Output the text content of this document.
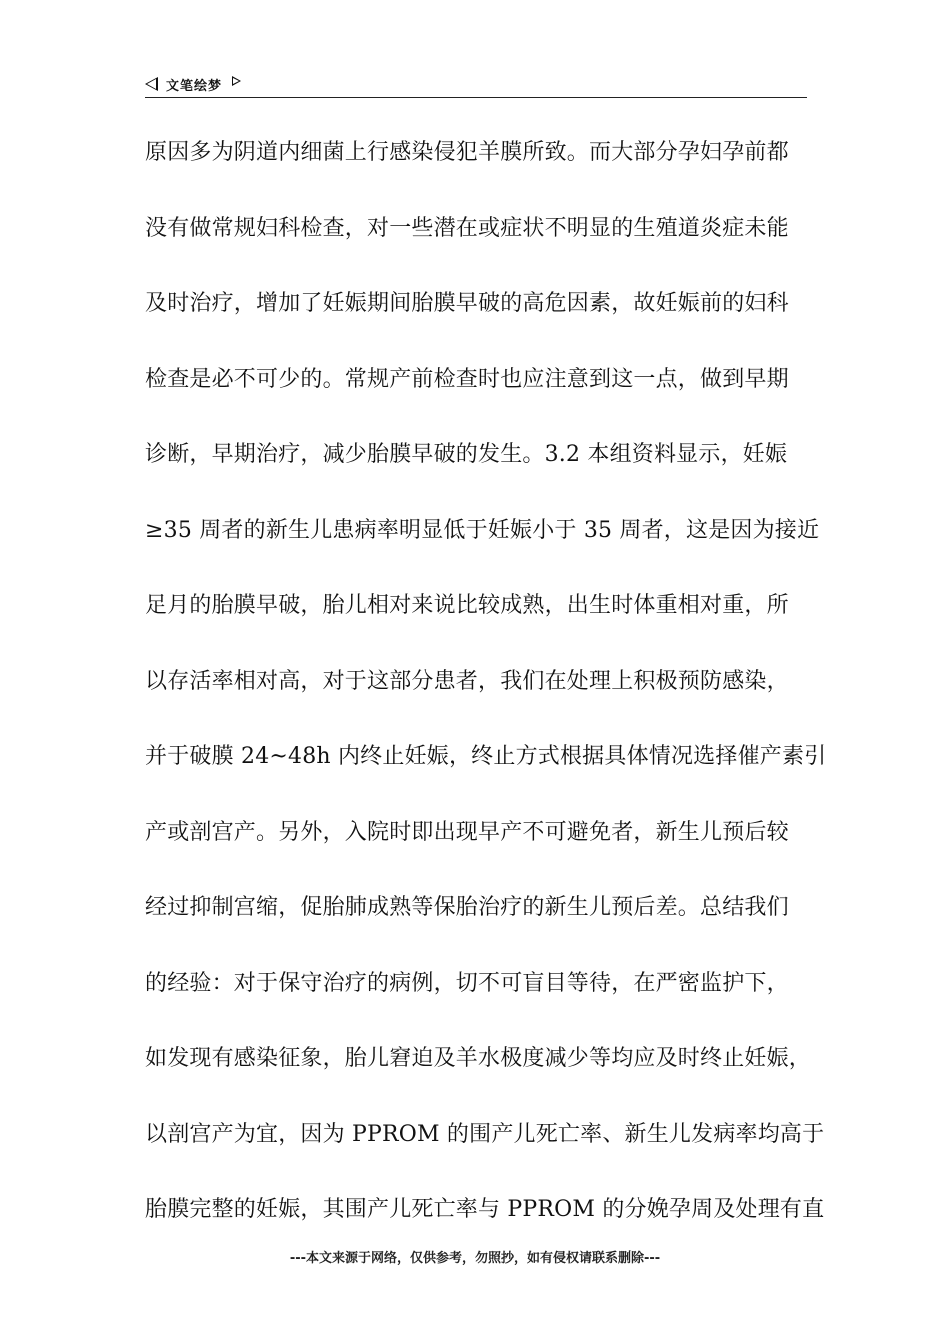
文笔绘梦
原因多为阴道内细菌上行感染侵犯羊膜所致。而大部分孕妇孕前都
没有做常规妇科检查，对一些潜在或症状不明显的生殖道炎症未能
及时治疗，增加了妊娠期间胎膜早破的高危因素，故妊娠前的妇科
检查是必不可少的。常规产前检查时也应注意到这一点，做到早期
诊断，早期治疗，减少胎膜早破的发生。3.2 本组资料显示，妊娠
≥35 周者的新生儿患病率明显低于妊娠小于 35 周者，这是因为接近
足月的胎膜早破，胎儿相对来说比较成熟，出生时体重相对重，所
以存活率相对高，对于这部分患者，我们在处理上积极预防感染，
并于破膜 24~48h 内终止妊娠，终止方式根据具体情况选择催产素引
产或剖宫产。另外，入院时即出现早产不可避免者，新生儿预后较
经过抑制宫缩，促胎肺成熟等保胎治疗的新生儿预后差。总结我们
的经验：对于保守治疗的病例，切不可盲目等待，在严密监护下，
如发现有感染征象，胎儿窘迫及羊水极度减少等均应及时终止妊娠，
以剖宫产为宜，因为 PPROM 的围产儿死亡率、新生儿发病率均高于
胎膜完整的妊娠，其围产儿死亡率与 PPROM 的分娩孕周及处理有直
---本文来源于网络，仅供参考，勿照抄，如有侵权请联系删除---
